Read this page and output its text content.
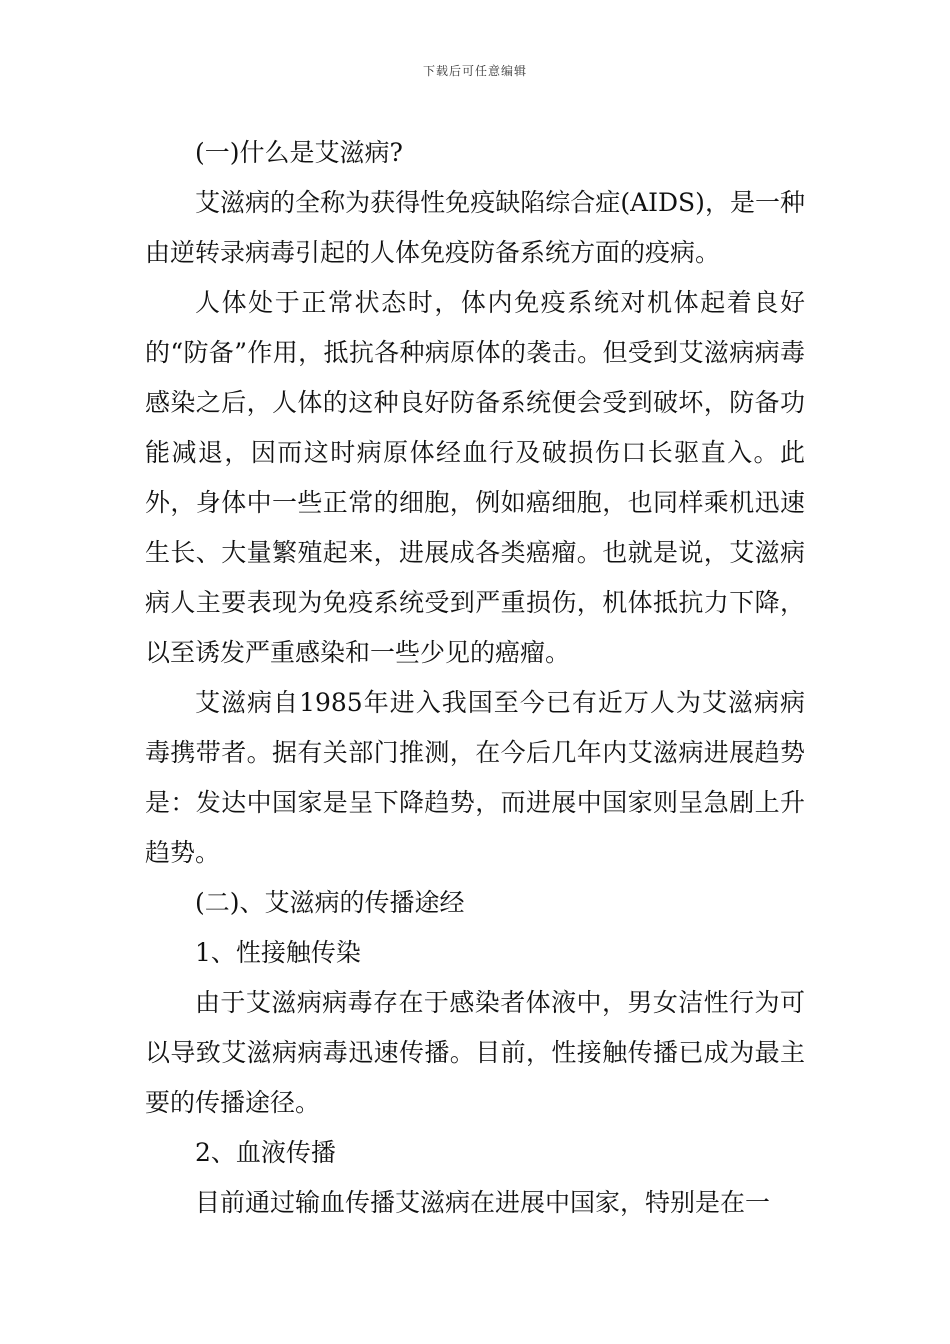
下载后可任意编辑

(一)什么是艾滋病?

艾滋病的全称为获得性免疫缺陷综合症(AIDS)，是一种由逆转录病毒引起的人体免疫防备系统方面的疫病。

人体处于正常状态时，体内免疫系统对机体起着良好的“防备”作用，抵抗各种病原体的袭击。但受到艾滋病病毒感染之后，人体的这种良好防备系统便会受到破坏，防备功能减退，因而这时病原体经血行及破损伤口长驱直入。此外，身体中一些正常的细胞，例如癌细胞，也同样乘机迅速生长、大量繁殖起来，进展成各类癌瘤。也就是说，艾滋病病人主要表现为免疫系统受到严重损伤，机体抵抗力下降，以至诱发严重感染和一些少见的癌瘤。

艾滋病自1985年进入我国至今已有近万人为艾滋病病毒携带者。据有关部门推测，在今后几年内艾滋病进展趋势是：发达中国家是呈下降趋势，而进展中国家则呈急剧上升趋势。

(二)、艾滋病的传播途经

1、性接触传染

由于艾滋病病毒存在于感染者体液中，男女洁性行为可以导致艾滋病病毒迅速传播。目前，性接触传播已成为最主要的传播途径。

2、血液传播

目前通过输血传播艾滋病在进展中国家，特别是在一
